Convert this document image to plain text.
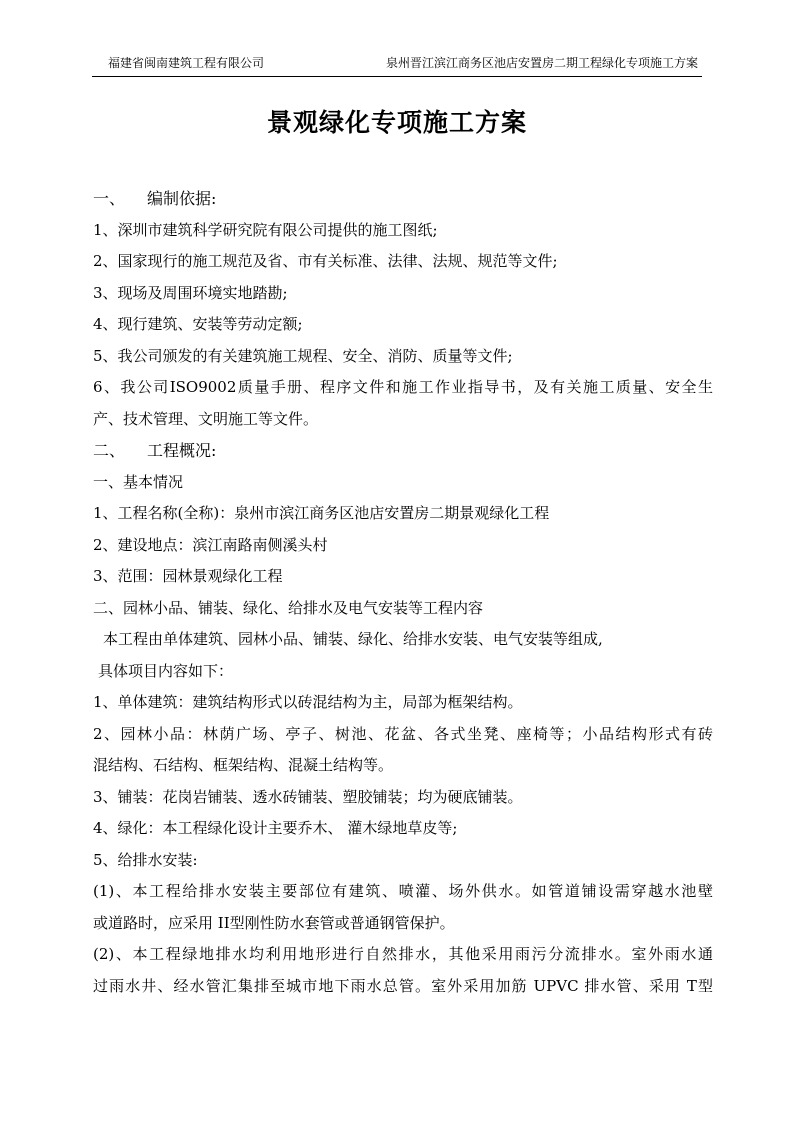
福建省闽南建筑工程有限公司	泉州晋江滨江商务区池店安置房二期工程绿化专项施工方案
景观绿化专项施工方案
一、 编制依据:
1、深圳市建筑科学研究院有限公司提供的施工图纸;
2、国家现行的施工规范及省、市有关标准、法律、法规、规范等文件;
3、现场及周围环境实地踏勘;
4、现行建筑、安装等劳动定额;
5、我公司颁发的有关建筑施工规程、安全、消防、质量等文件;
6、我公司ISO9002质量手册、程序文件和施工作业指导书，及有关施工质量、安全生
产、技术管理、文明施工等文件。
二、 工程概况:
一、基本情况
1、工程名称(全称)：泉州市滨江商务区池店安置房二期景观绿化工程
2、建设地点：滨江南路南侧溪头村
3、范围：园林景观绿化工程
二、园林小品、铺装、绿化、给排水及电气安装等工程内容
本工程由单体建筑、园林小品、铺装、绿化、给排水安装、电气安装等组成,
具体项目内容如下：
1、单体建筑：建筑结构形式以砖混结构为主，局部为框架结构。
2、园林小品：林荫广场、亭子、树池、花盆、各式坐凳、座椅等；小品结构形式有砖
混结构、石结构、框架结构、混凝土结构等。
3、铺装：花岗岩铺装、透水砖铺装、塑胶铺装；均为硬底铺装。
4、绿化：本工程绿化设计主要乔木、 灌木绿地草皮等;
5、给排水安装:
(1)、本工程给排水安装主要部位有建筑、喷灌、场外供水。如管道铺设需穿越水池壁
或道路时，应采用 II型刚性防水套管或普通钢管保护。
(2)、本工程绿地排水均利用地形进行自然排水，其他采用雨污分流排水。室外雨水通
过雨水井、经水管汇集排至城市地下雨水总管。室外采用加筋 UPVC 排水管、采用 T型
